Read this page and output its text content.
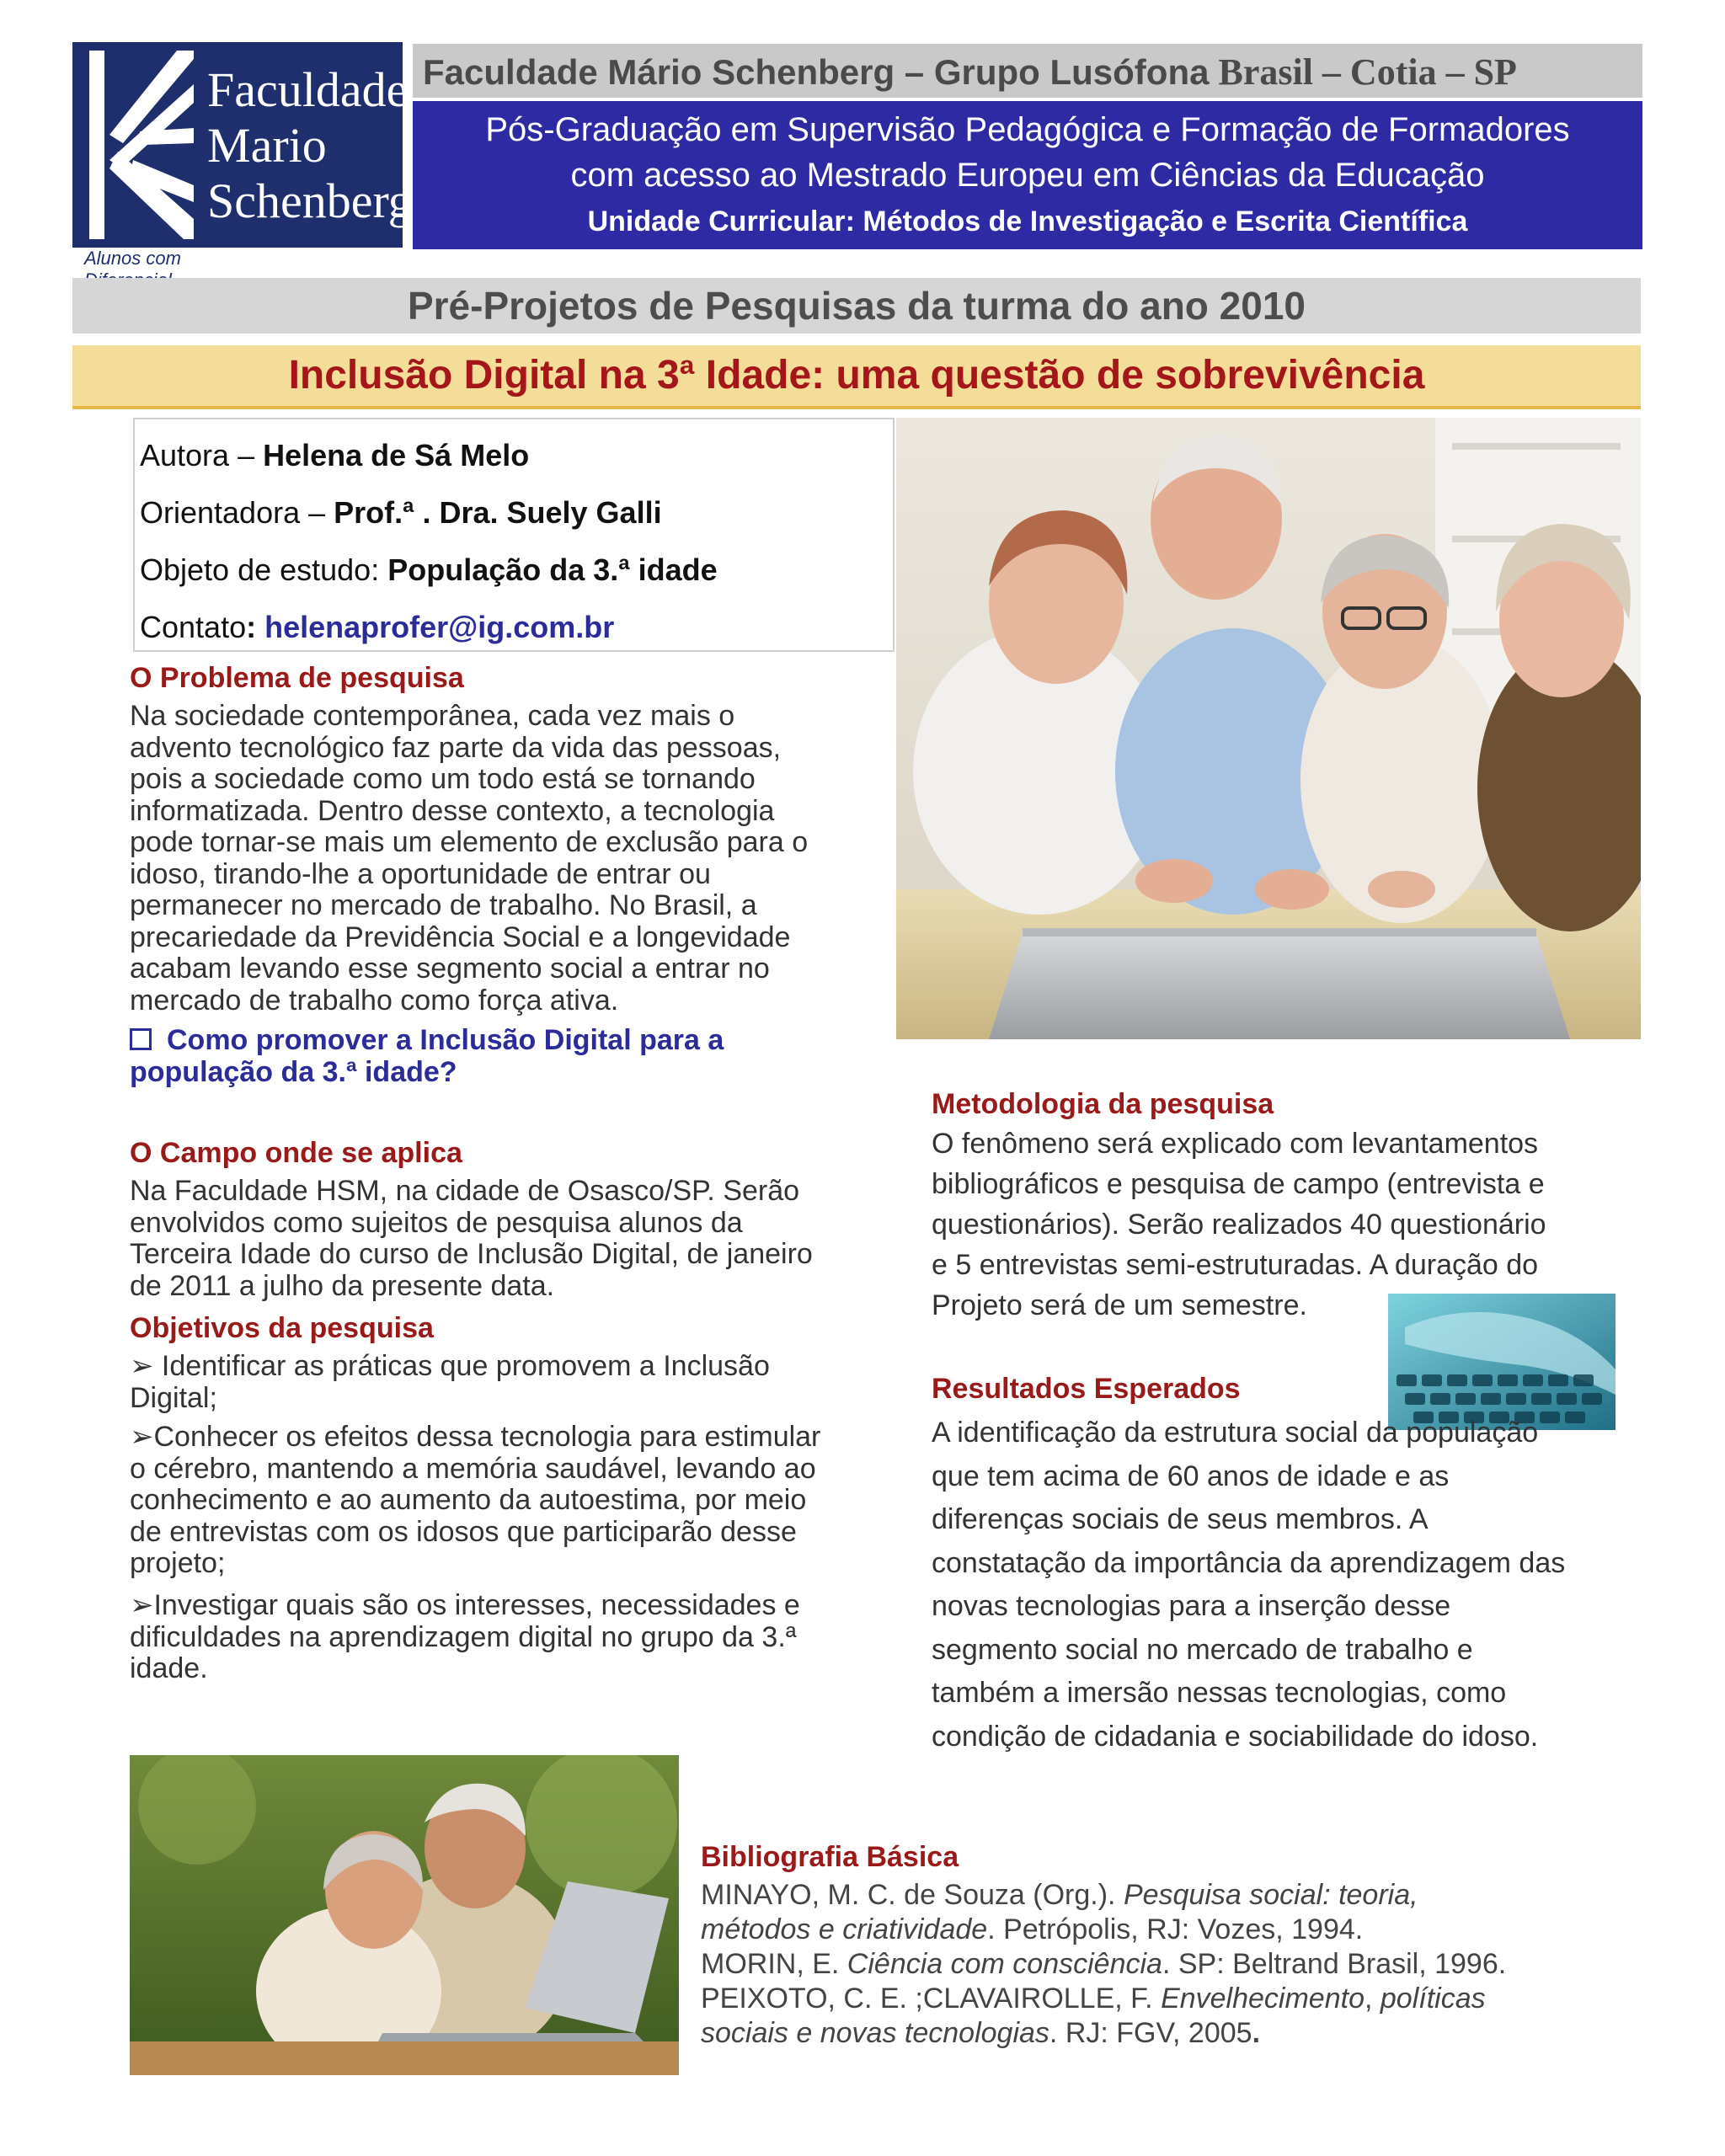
Faculdade
Mario
Schenberg
Alunos com
Faculdade Mário Schenberg – Grupo Lusófona Brasil – Cotia – SP
Pós-Graduação em Supervisão Pedagógica e Formação de Formadores
com acesso ao Mestrado Europeu em Ciências da Educação
Unidade Curricular: Métodos de Investigação e Escrita Científica
Pré-Projetos de Pesquisas da turma do ano 2010
Inclusão Digital na 3ª Idade: uma questão de sobrevivência
Autora – Helena de Sá Melo
Orientadora – Prof.ª . Dra. Suely Galli
Objeto de estudo: População da 3.ª idade
Contato: helenaprofer@ig.com.br
O Problema de pesquisa
Na sociedade contemporânea, cada vez mais o
advento tecnológico faz parte da vida das pessoas,
pois a sociedade como um todo está se tornando
informatizada. Dentro desse contexto, a tecnologia
pode tornar-se mais um elemento de exclusão para o
idoso, tirando-lhe a oportunidade de entrar ou
permanecer no mercado de trabalho. No Brasil, a
precariedade da Previdência Social e a longevidade
acabam levando esse segmento social a entrar no
mercado de trabalho como força ativa.
Como promover a Inclusão Digital para a
população da 3.ª idade?
O Campo onde se aplica
Na Faculdade HSM, na cidade de Osasco/SP. Serão
envolvidos como sujeitos de pesquisa alunos da
Terceira Idade do curso de Inclusão Digital, de janeiro
de 2011 a julho da presente data.
Objetivos da pesquisa
➢ Identificar as práticas que promovem a Inclusão
Digital;
➢Conhecer os efeitos dessa tecnologia para estimular
o cérebro, mantendo a memória saudável, levando ao
conhecimento e ao aumento da autoestima, por meio
de entrevistas com os idosos que participarão desse
projeto;
➢Investigar quais são os interesses, necessidades e
dificuldades na aprendizagem digital no grupo da 3.ª
idade.
Metodologia da pesquisa
O fenômeno será explicado com levantamentos
bibliográficos e pesquisa de campo (entrevista e
questionários). Serão realizados 40 questionário
e 5 entrevistas semi-estruturadas. A duração do
Projeto será de um semestre.
Resultados Esperados
A identificação da estrutura social da população
que tem acima de 60 anos de idade e as
diferenças sociais de seus membros. A
constatação da importância da aprendizagem das
novas tecnologias para a inserção desse
segmento social no mercado de trabalho e
também a imersão nessas tecnologias, como
condição de cidadania e sociabilidade do idoso.
Bibliografia Básica
MINAYO, M. C. de Souza (Org.). Pesquisa social: teoria,
métodos e criatividade. Petrópolis, RJ: Vozes, 1994.
MORIN, E. Ciência com consciência. SP: Beltrand Brasil, 1996.
PEIXOTO, C. E. ;CLAVAIROLLE, F. Envelhecimento, políticas
sociais e novas tecnologias. RJ: FGV, 2005.
